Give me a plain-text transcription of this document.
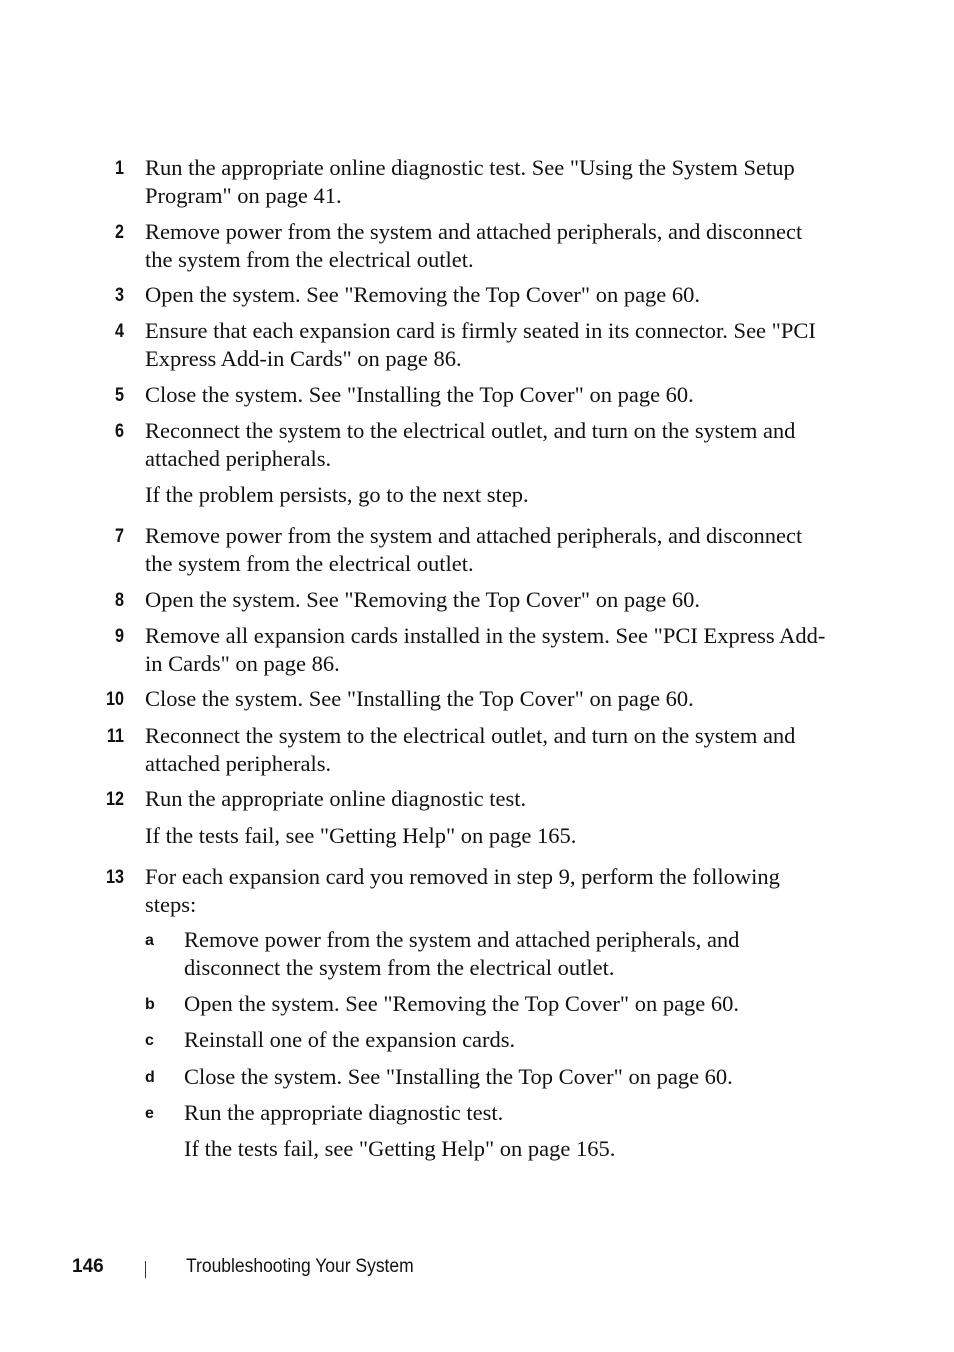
1 Run the appropriate online diagnostic test. See "Using the System Setup Program" on page 41.
2 Remove power from the system and attached peripherals, and disconnect the system from the electrical outlet.
3 Open the system. See "Removing the Top Cover" on page 60.
4 Ensure that each expansion card is firmly seated in its connector. See "PCI Express Add-in Cards" on page 86.
5 Close the system. See "Installing the Top Cover" on page 60.
6 Reconnect the system to the electrical outlet, and turn on the system and attached peripherals.
If the problem persists, go to the next step.
7 Remove power from the system and attached peripherals, and disconnect the system from the electrical outlet.
8 Open the system. See "Removing the Top Cover" on page 60.
9 Remove all expansion cards installed in the system. See "PCI Express Add-in Cards" on page 86.
10 Close the system. See "Installing the Top Cover" on page 60.
11 Reconnect the system to the electrical outlet, and turn on the system and attached peripherals.
12 Run the appropriate online diagnostic test.
If the tests fail, see "Getting Help" on page 165.
13 For each expansion card you removed in step 9, perform the following steps:
a Remove power from the system and attached peripherals, and disconnect the system from the electrical outlet.
b Open the system. See "Removing the Top Cover" on page 60.
c Reinstall one of the expansion cards.
d Close the system. See "Installing the Top Cover" on page 60.
e Run the appropriate diagnostic test.
If the tests fail, see "Getting Help" on page 165.
146	Troubleshooting Your System
